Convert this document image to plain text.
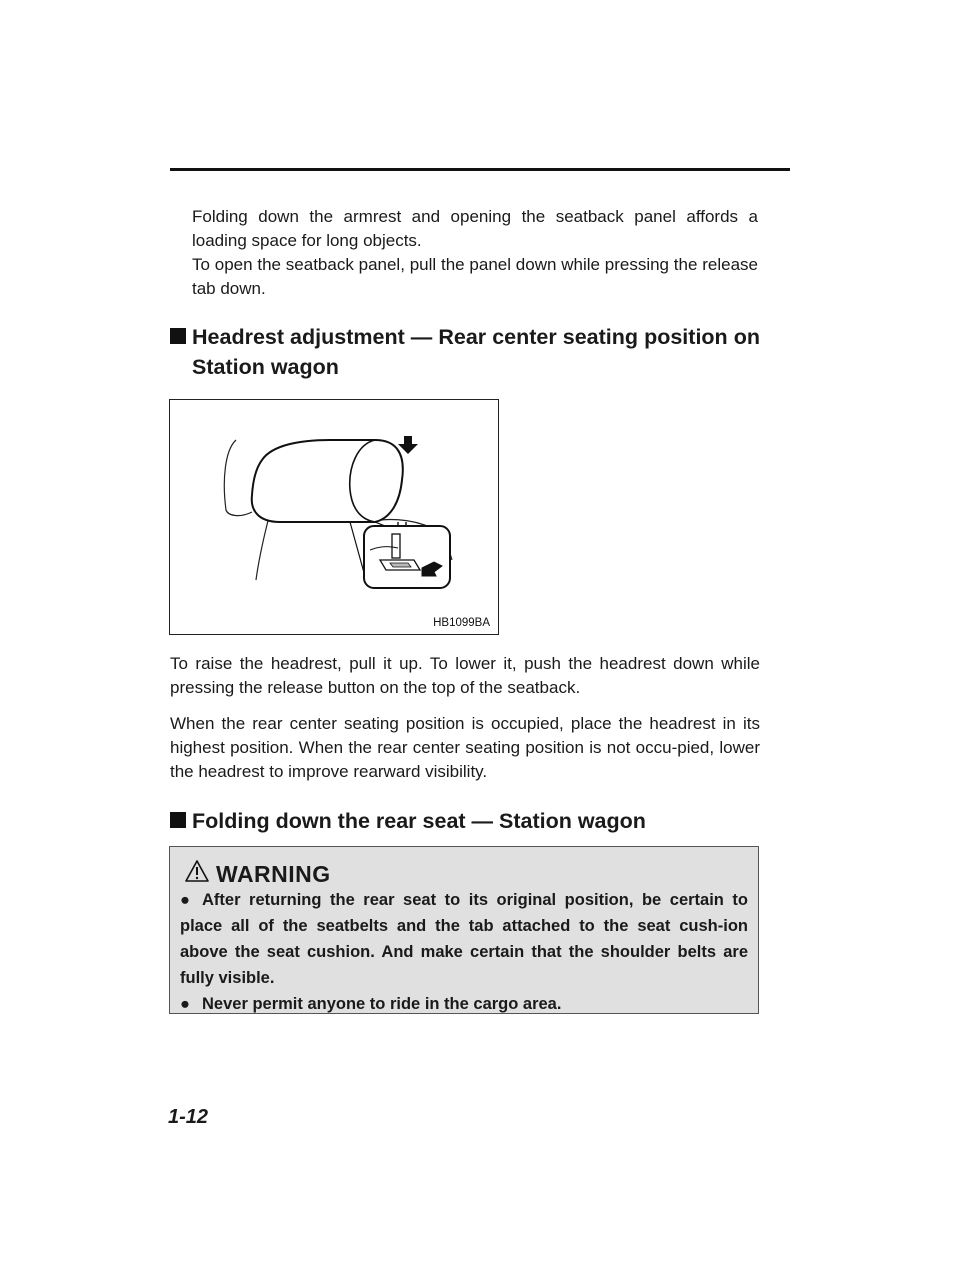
Folding down the armrest and opening the seatback panel affords a loading space for long objects.
To open the seatback panel, pull the panel down while pressing the release tab down.
Headrest adjustment — Rear center seating position on Station wagon
HB1099BA

To raise the headrest, pull it up. To lower it, push the headrest down while pressing the release button on the top of the seatback.

When the rear center seating position is occupied, place the headrest in its highest position. When the rear center seating position is not occu-pied, lower the headrest to improve rearward visibility.

Folding down the rear seat — Station wagon
WARNING
● After returning the rear seat to its original position, be certain to place all of the seatbelts and the tab attached to the seat cush-ion above the seat cushion. And make certain that the shoulder belts are fully visible.
● Never permit anyone to ride in the cargo area.
1-12
